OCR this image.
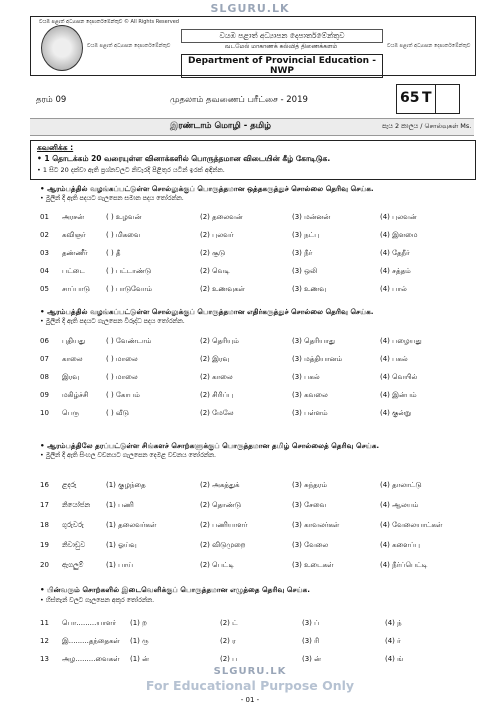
SLGURU.LK
වයඹ පළාත් අධ්‍යාපන දෙපාර්තමේන්තුව © All Rights Reserved
වයඹ පළාත් අධ්‍යාපන දෙපාර්තමේන්තුව	වයඹ පළාත් අධ්‍යාපන දෙපාර්තමේන්තුව
වයඹ පළාත් අධ්‍යාපන දෙපාර්තමේන්තුව
வடமேல் மாகாணக் கல்வித் திணைக்களம்
Department of Provincial Education - NWP
தரம் 09	முதலாம் தவணைப் பரீட்சை - 2019	65 T
இரண்டாம் மொழி - தமிழ்	පැය 2 කාලය / சொல்வுகள் Ms.
கவனிக்க :
• 1 தொடக்கம் 20 வரையுள்ள வினாக்களில் பொருத்தமான விடையின் கீழ் கோடிடுக.
• 1 සිට 20 දක්වා ඇති ප්‍රශ්නවලට නිවැරදි පිළිතුර යටින් ඉරක් අඳින්න.
• ஆரம்பத்தில் வழங்கப்பட்டுள்ள சொல்லுக்குப் பொருத்தமான ஒத்தகருத்துச் சொல்லை தெரிவு செய்க.
• මුලින් දී ඇති පදයට ගැලපෙන සමාන පදය තෝරන්න.
01 அரசன்	( ) உழவன்	(2) தலைவன்	(3) மன்னன்	(4) புலவன்
02 கவிஞர்	( ) மிகவை	(2) புலவர்	(3) நட்பு	(4) இளமை
03 தண்ணீர்	( ) தீ	(2) சூடு	(3) நீர்	(4) தேநீர்
04 பட்டை	( ) பட்டாண்டு	(2) வெடி	(3) ஒலி	(4) சத்தம்
05 சாப்பாடு ( ) பாடுவோம்	(2) உணவுகள்	(3) உணவு	(4) பால்
• ஆரம்பத்தில் வழங்கப்பட்டுள்ள சொல்லுக்குப் பொருத்தமான எதிர்கருத்துச் சொல்லை தெரிவு செய்க.
• මුලින් දී ඇති පදයට ගැලපෙන විරුද්ධ පදය තෝරන්න.
06 புதியது	( ) வேண்டாம்	(2) தெரியும்	(3) தெரியாது	(4) பழையது
07 காலை	( ) மாலை	(2) இரவு	(3) மத்தியானம்	(4) பகல்
08 இரவு	( ) மாலை	(2) காலை	(3) பகல்	(4) வெயில்
09 மகிழ்ச்சி	( ) கோபம்	(2) சிரிப்பு	(3) கவலை	(4) இன்பம்
10 பெரு	( ) வீடு	(2) மேலே	(3) பள்ளம்	(4) குன்று
• ஆரம்பத்திலே தரப்பட்டுள்ள சிங்களச் சொற்களுக்குப் பொருத்தமான தமிழ் சொல்லைத் தெரிவு செய்க.
• මුලින් දී ඇති සිංහල වචනයට ගැලපෙන දෙමළ වචනය තෝරන්න.
16 ළදරු	(1) குழந்தை	(2) அகத்துக்	(3) சுந்தரம்	(4) தாலாட்டு
17 නියෝජන (1) பணி	(2) தொண்டு	(3) சேவை	(4) ஆலயம்
18 ගුරුවරු	(1) தலைவர்கள்	(2) பணியாளர்	(3) காவலர்கள்	(4) வேலையாட்கள்
19 නිවාඩුව	(1) ஓய்வு	(2) விடுமுறை	(3) வேலை	(4) களைப்பு
20 ඇගලුම්	(1) பாய்	(2) பெட்டி	(3) உடைகள்	(4) நீர்ப்பெட்டி
• பின்வரும் சொற்களில் இடைவெளிக்குப் பொருத்தமான எழுத்தை தெரிவு செய்க.
• හිස්තැන් වලට ගැලපෙන අකුර තෝරන්න.
11 பொ.........யாளர் (1) ற	(2) ட்	(3) ப்	(4) ந்
12 இ.........தந்தைகள் (1) ரு	(2) ர	(3) ரி	(4) ர்
13 அழ.........வைகள் (1) ன்	(2) ப	(3) ன்	(4) ங்
SLGURU.LK
For Educational Purpose Only
- 01 -
